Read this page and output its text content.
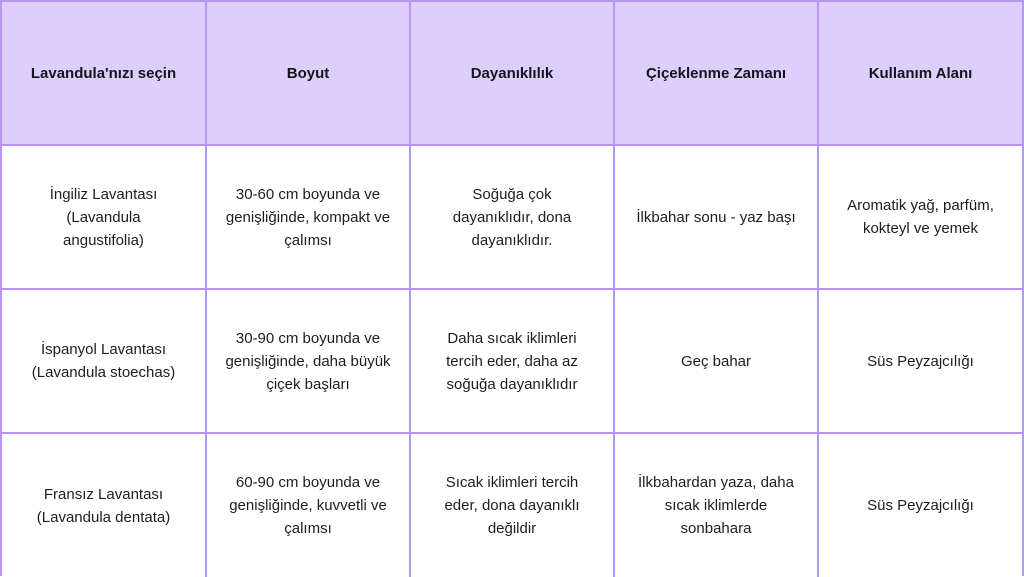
Lavandula'nızı seçin	Boyut	Dayanıklılık	Çiçeklenme Zamanı	Kullanım Alanı
İngiliz Lavantası (Lavandula angustifolia)	30-60 cm boyunda ve genişliğinde, kompakt ve çalımsı	Soğuğa çok dayanıklıdır, dona dayanıklıdır.	İlkbahar sonu - yaz başı	Aromatik yağ, parfüm, kokteyl ve yemek
İspanyol Lavantası (Lavandula stoechas)	30-90 cm boyunda ve genişliğinde, daha büyük çiçek başları	Daha sıcak iklimleri tercih eder, daha az soğuğa dayanıklıdır	Geç bahar	Süs Peyzajcılığı
Fransız Lavantası (Lavandula dentata)	60-90 cm boyunda ve genişliğinde, kuvvetli ve çalımsı	Sıcak iklimleri tercih eder, dona dayanıklı değildir	İlkbahardan yaza, daha sıcak iklimlerde sonbahara	Süs Peyzajcılığı
